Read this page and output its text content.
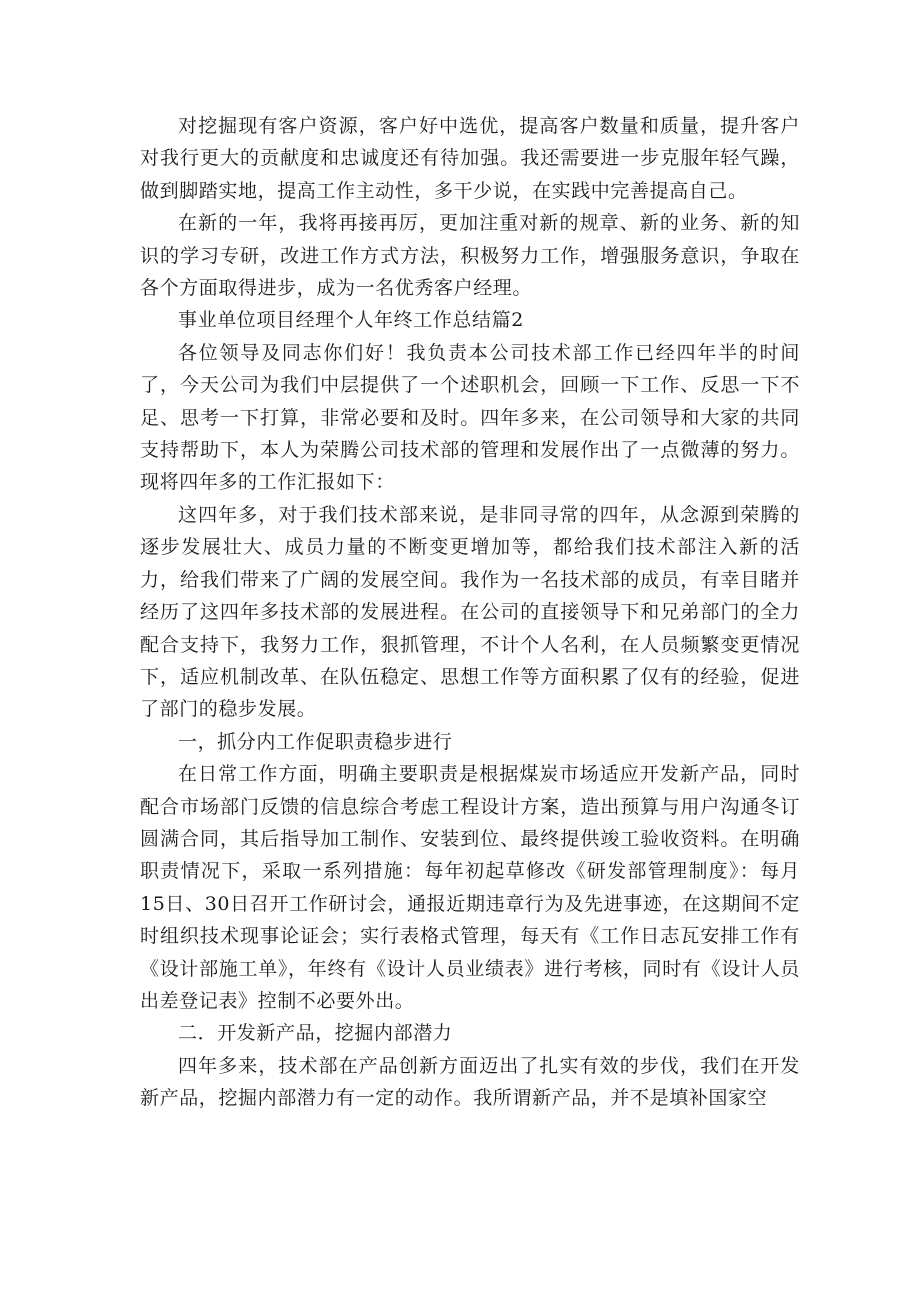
对挖掘现有客户资源，客户好中选优，提高客户数量和质量，提升客户对我行更大的贡献度和忠诚度还有待加强。我还需要进一步克服年轻气躁，做到脚踏实地，提高工作主动性，多干少说，在实践中完善提高自己。

在新的一年，我将再接再厉，更加注重对新的规章、新的业务、新的知识的学习专研，改进工作方式方法，积极努力工作，增强服务意识，争取在各个方面取得进步，成为一名优秀客户经理。

事业单位项目经理个人年终工作总结篇2

各位领导及同志你们好！我负责本公司技术部工作已经四年半的时间了，今天公司为我们中层提供了一个述职机会，回顾一下工作、反思一下不足、思考一下打算，非常必要和及时。四年多来，在公司领导和大家的共同支持帮助下，本人为荣腾公司技术部的管理和发展作出了一点微薄的努力。现将四年多的工作汇报如下：

这四年多，对于我们技术部来说，是非同寻常的四年，从念源到荣腾的逐步发展壮大、成员力量的不断变更增加等，都给我们技术部注入新的活力，给我们带来了广阔的发展空间。我作为一名技术部的成员，有幸目睹并经历了这四年多技术部的发展进程。在公司的直接领导下和兄弟部门的全力配合支持下，我努力工作，狠抓管理，不计个人名利，在人员频繁变更情况下，适应机制改革、在队伍稳定、思想工作等方面积累了仅有的经验，促进了部门的稳步发展。

一，抓分内工作促职责稳步进行

在日常工作方面，明确主要职责是根据煤炭市场适应开发新产品，同时配合市场部门反馈的信息综合考虑工程设计方案，造出预算与用户沟通冬订圆满合同，其后指导加工制作、安装到位、最终提供竣工验收资料。在明确职责情况下，采取一系列措施：每年初起草修改《研发部管理制度》：每月15日、30日召开工作研讨会，通报近期违章行为及先进事迹，在这期间不定时组织技术现事论证会；实行表格式管理，每天有《工作日志瓦安排工作有《设计部施工单》，年终有《设计人员业绩表》进行考核，同时有《设计人员出差登记表》控制不必要外出。

二．开发新产品，挖掘内部潜力

四年多来，技术部在产品创新方面迈出了扎实有效的步伐，我们在开发新产品，挖掘内部潜力有一定的动作。我所谓新产品，并不是填补国家空
